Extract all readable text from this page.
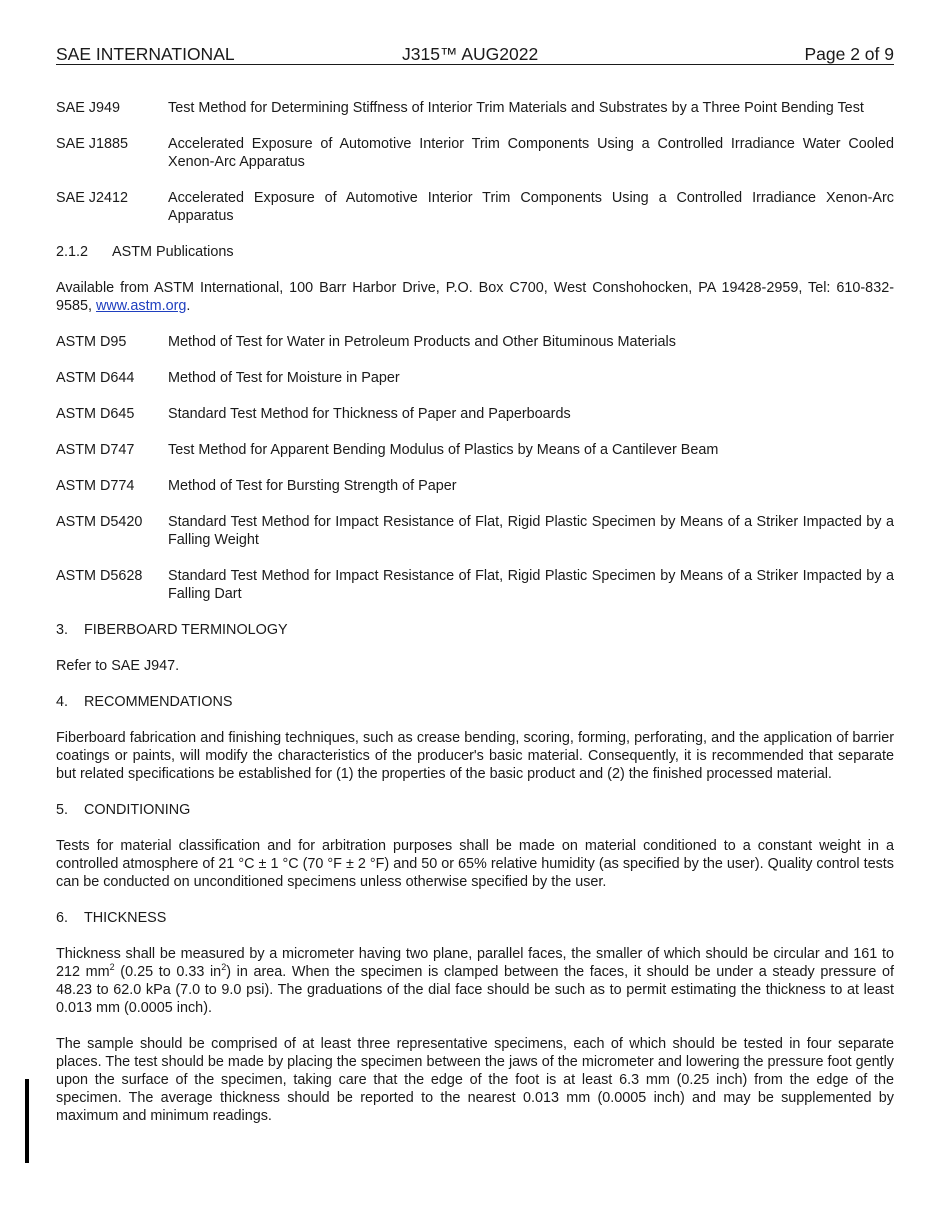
SAE INTERNATIONAL	J315™ AUG2022	Page 2 of 9
SAE J949	Test Method for Determining Stiffness of Interior Trim Materials and Substrates by a Three Point Bending Test
SAE J1885	Accelerated Exposure of Automotive Interior Trim Components Using a Controlled Irradiance Water Cooled Xenon-Arc Apparatus
SAE J2412	Accelerated Exposure of Automotive Interior Trim Components Using a Controlled Irradiance Xenon-Arc Apparatus
2.1.2 ASTM Publications

Available from ASTM International, 100 Barr Harbor Drive, P.O. Box C700, West Conshohocken, PA 19428-2959, Tel: 610-832-9585, www.astm.org.

ASTM D95	Method of Test for Water in Petroleum Products and Other Bituminous Materials
ASTM D644	Method of Test for Moisture in Paper
ASTM D645	Standard Test Method for Thickness of Paper and Paperboards
ASTM D747	Test Method for Apparent Bending Modulus of Plastics by Means of a Cantilever Beam
ASTM D774	Method of Test for Bursting Strength of Paper
ASTM D5420	Standard Test Method for Impact Resistance of Flat, Rigid Plastic Specimen by Means of a Striker Impacted by a Falling Weight
ASTM D5628	Standard Test Method for Impact Resistance of Flat, Rigid Plastic Specimen by Means of a Striker Impacted by a Falling Dart
3. FIBERBOARD TERMINOLOGY

Refer to SAE J947.

4. RECOMMENDATIONS

Fiberboard fabrication and finishing techniques, such as crease bending, scoring, forming, perforating, and the application of barrier coatings or paints, will modify the characteristics of the producer's basic material. Consequently, it is recommended that separate but related specifications be established for (1) the properties of the basic product and (2) the finished processed material.

5. CONDITIONING

Tests for material classification and for arbitration purposes shall be made on material conditioned to a constant weight in a controlled atmosphere of 21 °C ± 1 °C (70 °F ± 2 °F) and 50 or 65% relative humidity (as specified by the user). Quality control tests can be conducted on unconditioned specimens unless otherwise specified by the user.

6. THICKNESS

Thickness shall be measured by a micrometer having two plane, parallel faces, the smaller of which should be circular and 161 to 212 $mm^2$ (0.25 to 0.33 $in^2$) in area. When the specimen is clamped between the faces, it should be under a steady pressure of 48.23 to 62.0 kPa (7.0 to 9.0 psi). The graduations of the dial face should be such as to permit estimating the thickness to at least 0.013 mm (0.0005 inch).

The sample should be comprised of at least three representative specimens, each of which should be tested in four separate places. The test should be made by placing the specimen between the jaws of the micrometer and lowering the pressure foot gently upon the surface of the specimen, taking care that the edge of the foot is at least 6.3 mm (0.25 inch) from the edge of the specimen. The average thickness should be reported to the nearest 0.013 mm (0.0005 inch) and may be supplemented by maximum and minimum readings.
